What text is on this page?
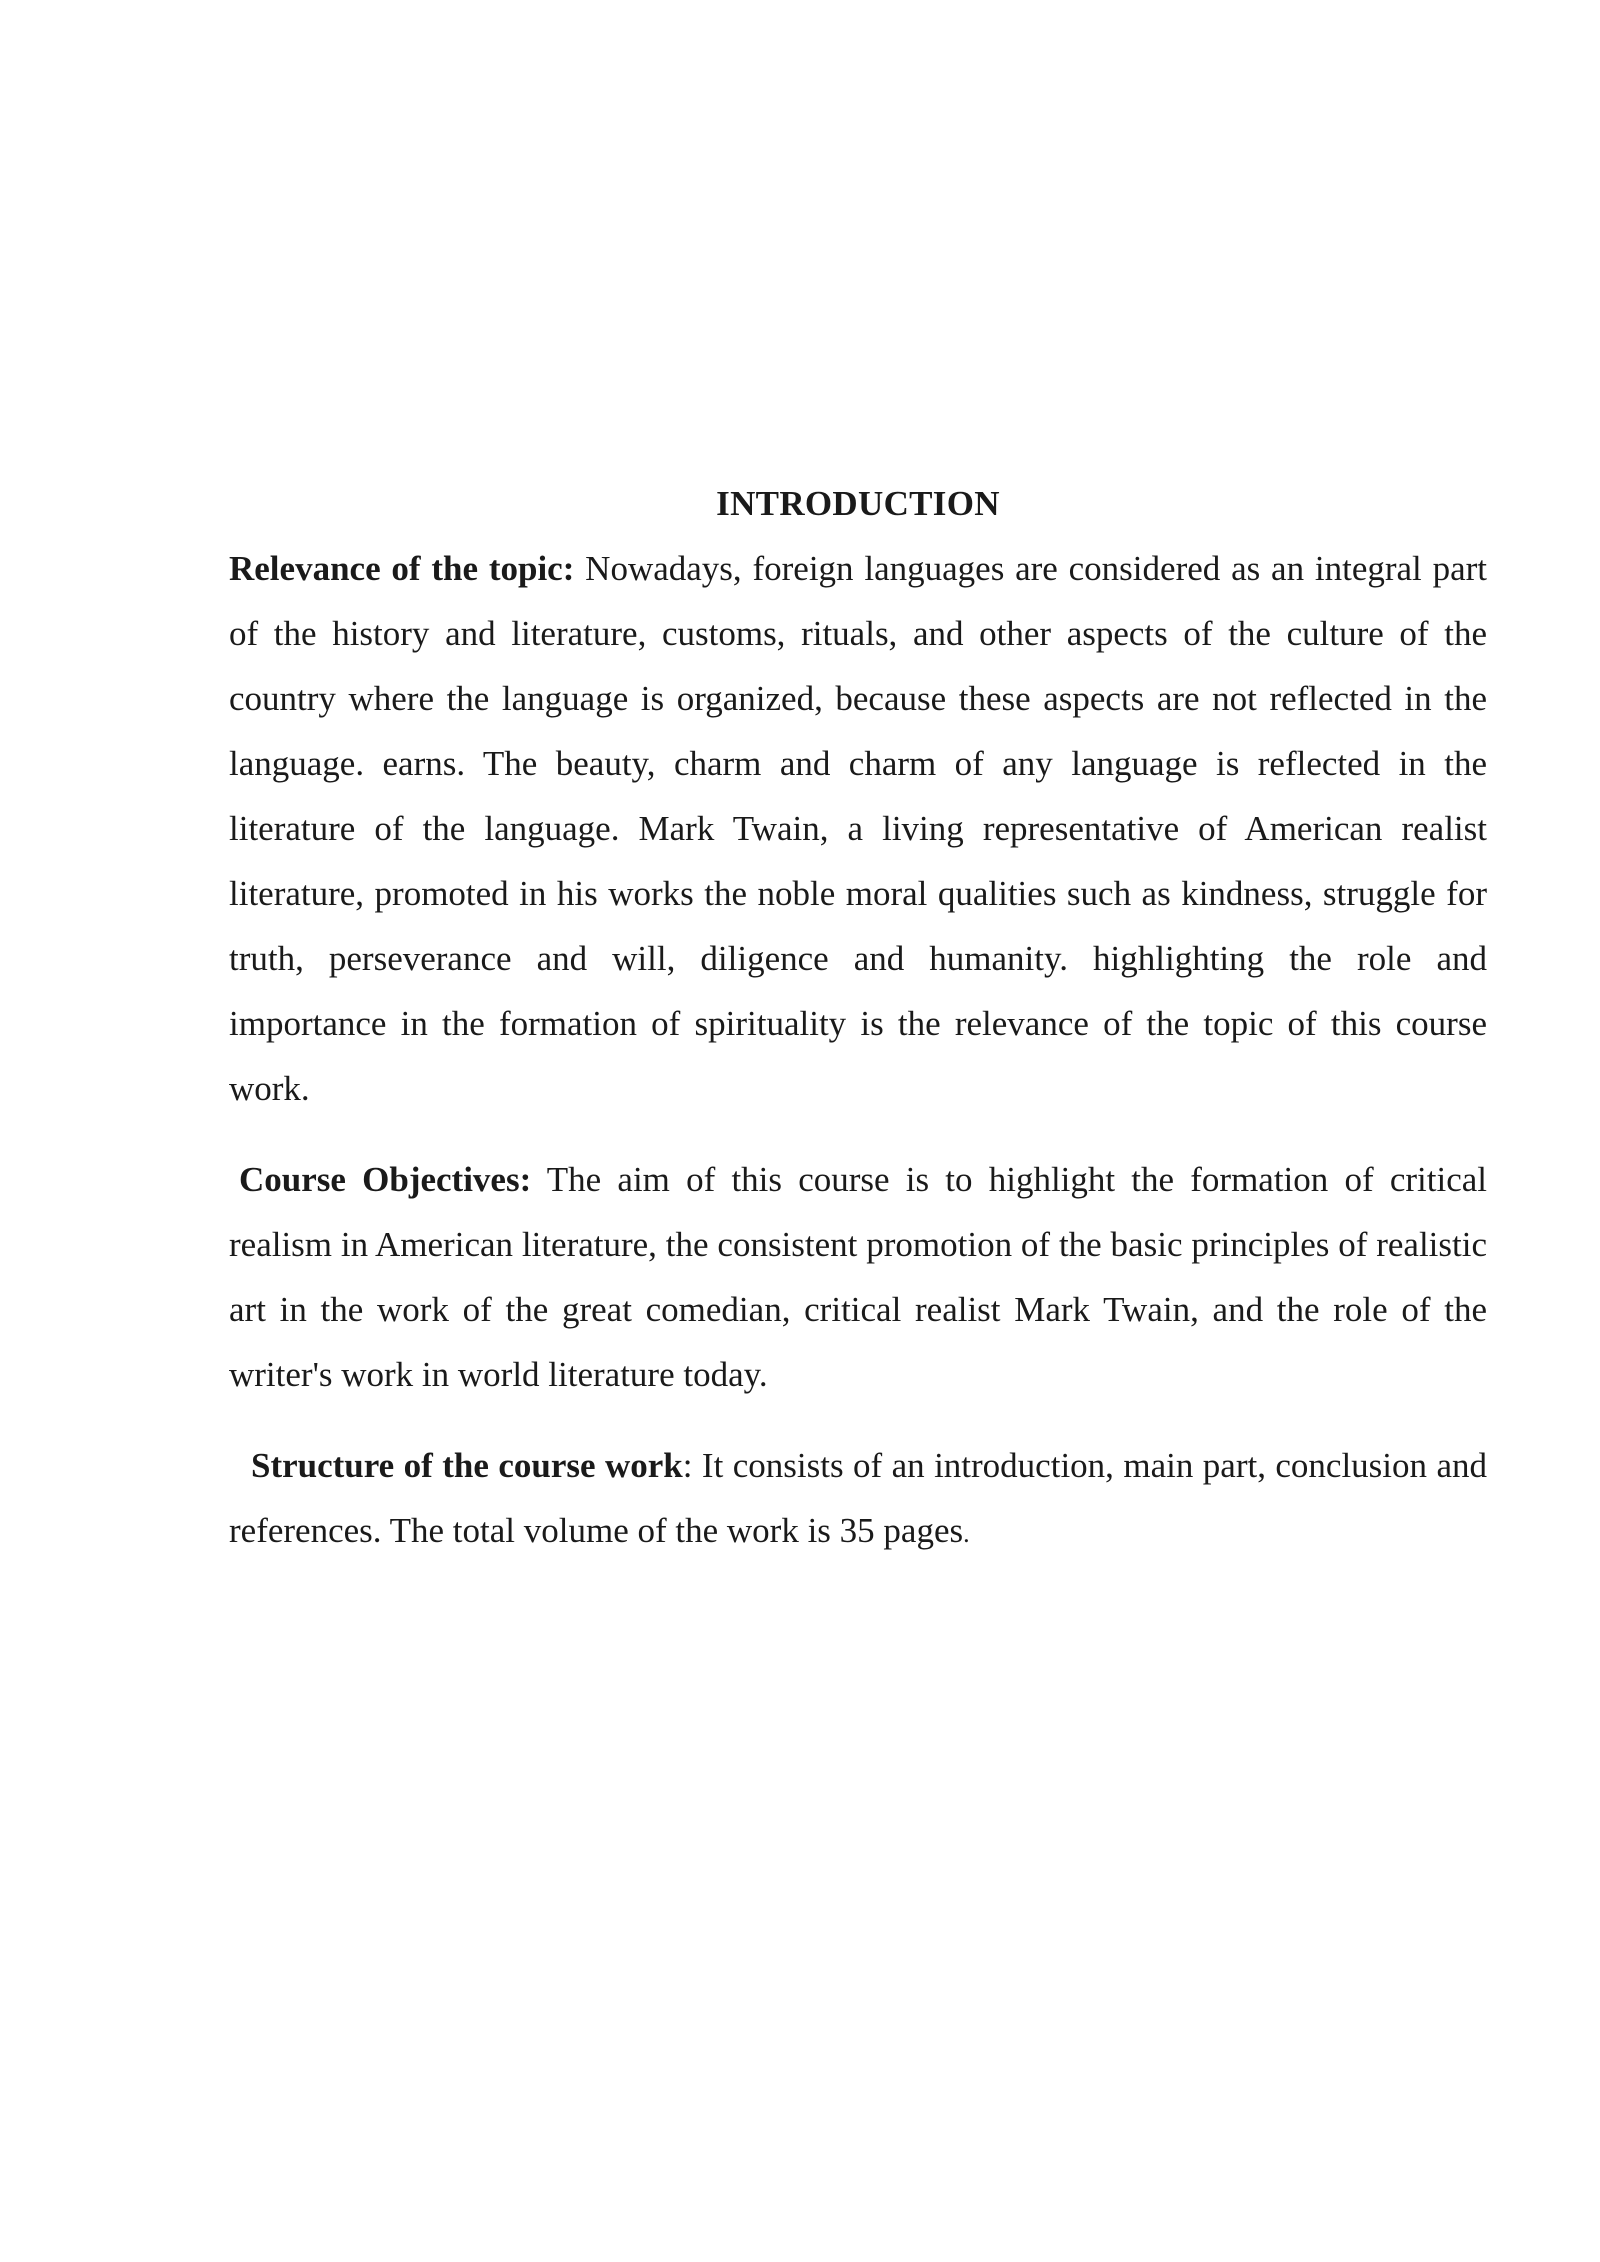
INTRODUCTION

Relevance of the topic: Nowadays, foreign languages are considered as an integral part of the history and literature, customs, rituals, and other aspects of the culture of the country where the language is organized, because these aspects are not reflected in the language. earns. The beauty, charm and charm of any language is reflected in the literature of the language. Mark Twain, a living representative of American realist literature, promoted in his works the noble moral qualities such as kindness, struggle for truth, perseverance and will, diligence and humanity. highlighting the role and importance in the formation of spirituality is the relevance of the topic of this course work.

Course Objectives: The aim of this course is to highlight the formation of critical realism in American literature, the consistent promotion of the basic principles of realistic art in the work of the great comedian, critical realist Mark Twain, and the role of the writer's work in world literature today.

Structure of the course work: It consists of an introduction, main part, conclusion and references. The total volume of the work is 35 pages.
